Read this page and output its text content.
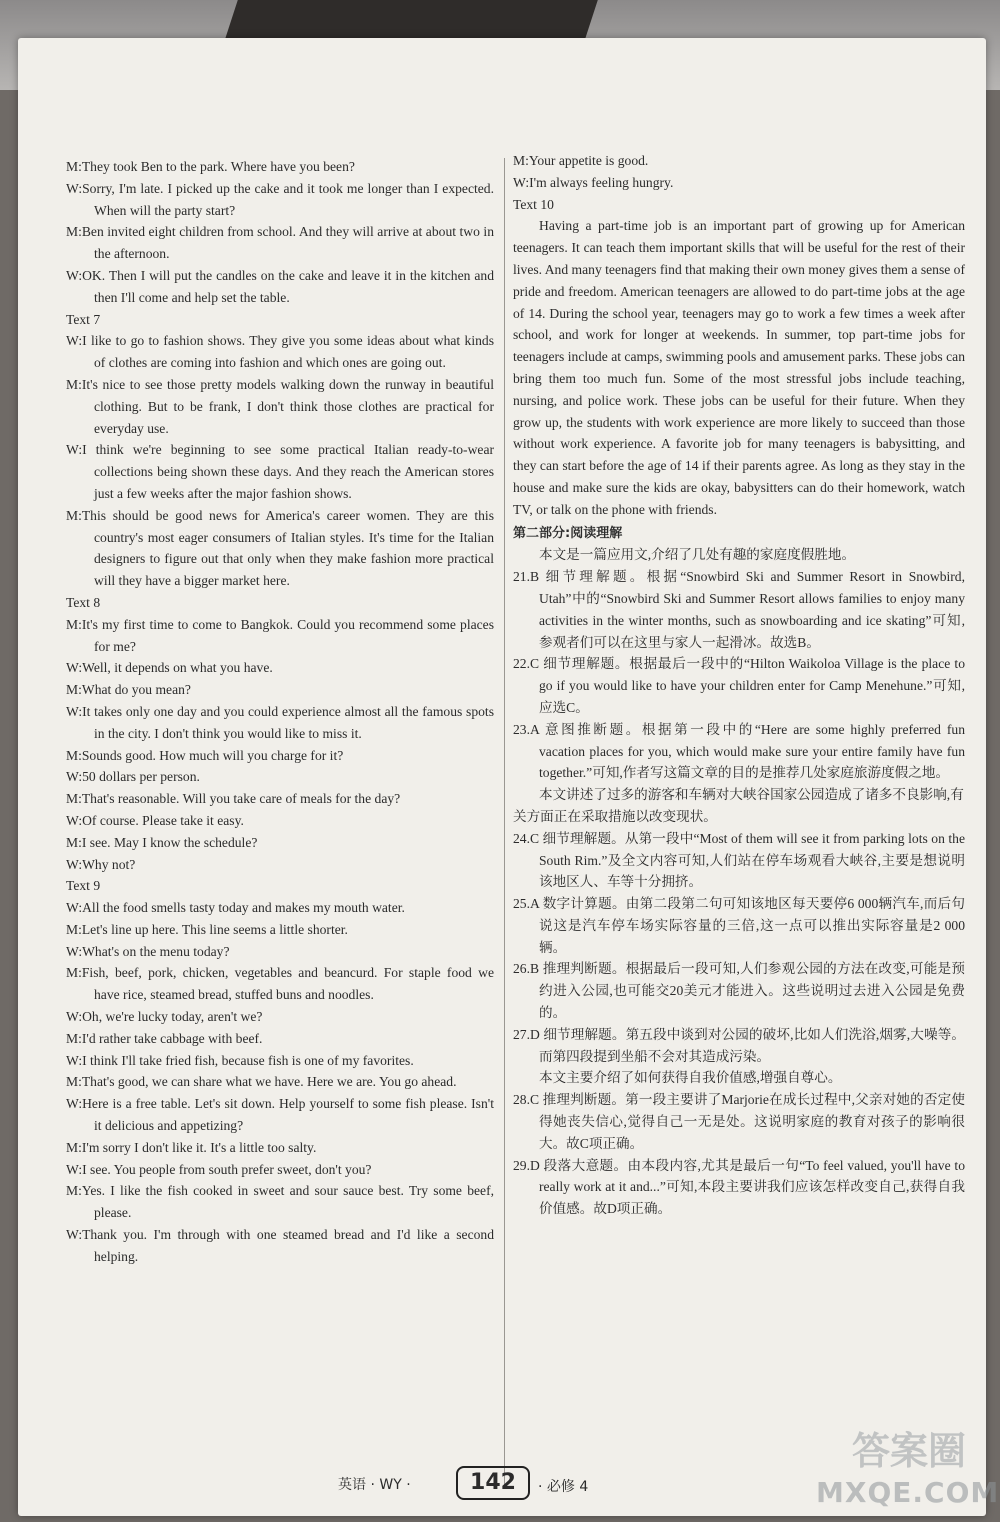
M:They took Ben to the park. Where have you been?

W:Sorry, I'm late. I picked up the cake and it took me longer than I expected. When will the party start?

M:Ben invited eight children from school. And they will arrive at about two in the afternoon.

W:OK. Then I will put the candles on the cake and leave it in the kitchen and then I'll come and help set the table.

Text 7

W:I like to go to fashion shows. They give you some ideas about what kinds of clothes are coming into fashion and which ones are going out.

M:It's nice to see those pretty models walking down the runway in beautiful clothing. But to be frank, I don't think those clothes are practical for everyday use.

W:I think we're beginning to see some practical Italian ready-to-wear collections being shown these days. And they reach the American stores just a few weeks after the major fashion shows.

M:This should be good news for America's career women. They are this country's most eager consumers of Italian styles. It's time for the Italian designers to figure out that only when they make fashion more practical will they have a bigger market here.

Text 8

M:It's my first time to come to Bangkok. Could you recommend some places for me?

W:Well, it depends on what you have.

M:What do you mean?

W:It takes only one day and you could experience almost all the famous spots in the city. I don't think you would like to miss it.

M:Sounds good. How much will you charge for it?

W:50 dollars per person.

M:That's reasonable. Will you take care of meals for the day?

W:Of course. Please take it easy.

M:I see. May I know the schedule?

W:Why not?

Text 9

W:All the food smells tasty today and makes my mouth water.

M:Let's line up here. This line seems a little shorter.

W:What's on the menu today?

M:Fish, beef, pork, chicken, vegetables and beancurd. For staple food we have rice, steamed bread, stuffed buns and noodles.

W:Oh, we're lucky today, aren't we?

M:I'd rather take cabbage with beef.

W:I think I'll take fried fish, because fish is one of my favorites.

M:That's good, we can share what we have. Here we are. You go ahead.

W:Here is a free table. Let's sit down. Help yourself to some fish please. Isn't it delicious and appetizing?

M:I'm sorry I don't like it. It's a little too salty.

W:I see. You people from south prefer sweet, don't you?

M:Yes. I like the fish cooked in sweet and sour sauce best. Try some beef, please.

W:Thank you. I'm through with one steamed bread and I'd like a second helping.

M:Your appetite is good.

W:I'm always feeling hungry.

Text 10

Having a part-time job is an important part of growing up for American teenagers. It can teach them important skills that will be useful for the rest of their lives. And many teenagers find that making their own money gives them a sense of pride and freedom. American teenagers are allowed to do part-time jobs at the age of 14. During the school year, teenagers may go to work a few times a week after school, and work for longer at weekends. In summer, top part-time jobs for teenagers include at camps, swimming pools and amusement parks. These jobs can bring them too much fun. Some of the most stressful jobs include teaching, nursing, and police work. These jobs can be useful for their future. When they grow up, the students with work experience are more likely to succeed than those without work experience. A favorite job for many teenagers is babysitting, and they can start before the age of 14 if their parents agree. As long as they stay in the house and make sure the kids are okay, babysitters can do their homework, watch TV, or talk on the phone with friends.

第二部分:阅读理解

本文是一篇应用文,介绍了几处有趣的家庭度假胜地。

21.B 细节理解题。根据“Snowbird Ski and Summer Resort in Snowbird, Utah”中的“Snowbird Ski and Summer Resort allows families to enjoy many activities in the winter months, such as snowboarding and ice skating”可知,参观者们可以在这里与家人一起滑冰。故选B。

22.C 细节理解题。根据最后一段中的“Hilton Waikoloa Village is the place to go if you would like to have your children enter for Camp Menehune.”可知,应选C。

23.A 意图推断题。根据第一段中的“Here are some highly preferred fun vacation places for you, which would make sure your entire family have fun together.”可知,作者写这篇文章的目的是推荐几处家庭旅游度假之地。

本文讲述了过多的游客和车辆对大峡谷国家公园造成了诸多不良影响,有关方面正在采取措施以改变现状。

24.C 细节理解题。从第一段中“Most of them will see it from parking lots on the South Rim.”及全文内容可知,人们站在停车场观看大峡谷,主要是想说明该地区人、车等十分拥挤。

25.A 数字计算题。由第二段第二句可知该地区每天要停6 000辆汽车,而后句说这是汽车停车场实际容量的三倍,这一点可以推出实际容量是2 000辆。

26.B 推理判断题。根据最后一段可知,人们参观公园的方法在改变,可能是预约进入公园,也可能交20美元才能进入。这些说明过去进入公园是免费的。

27.D 细节理解题。第五段中谈到对公园的破坏,比如人们洗浴,烟雾,大噪等。而第四段提到坐船不会对其造成污染。

本文主要介绍了如何获得自我价值感,增强自尊心。

28.C 推理判断题。第一段主要讲了Marjorie在成长过程中,父亲对她的否定使得她丧失信心,觉得自己一无是处。这说明家庭的教育对孩子的影响很大。故C项正确。

29.D 段落大意题。由本段内容,尤其是最后一句“To feel valued, you'll have to really work at it and...”可知,本段主要讲我们应该怎样改变自己,获得自我价值感。故D项正确。

英语 · WY ·	142	· 必修 4
答案圈
MXQE.COM
